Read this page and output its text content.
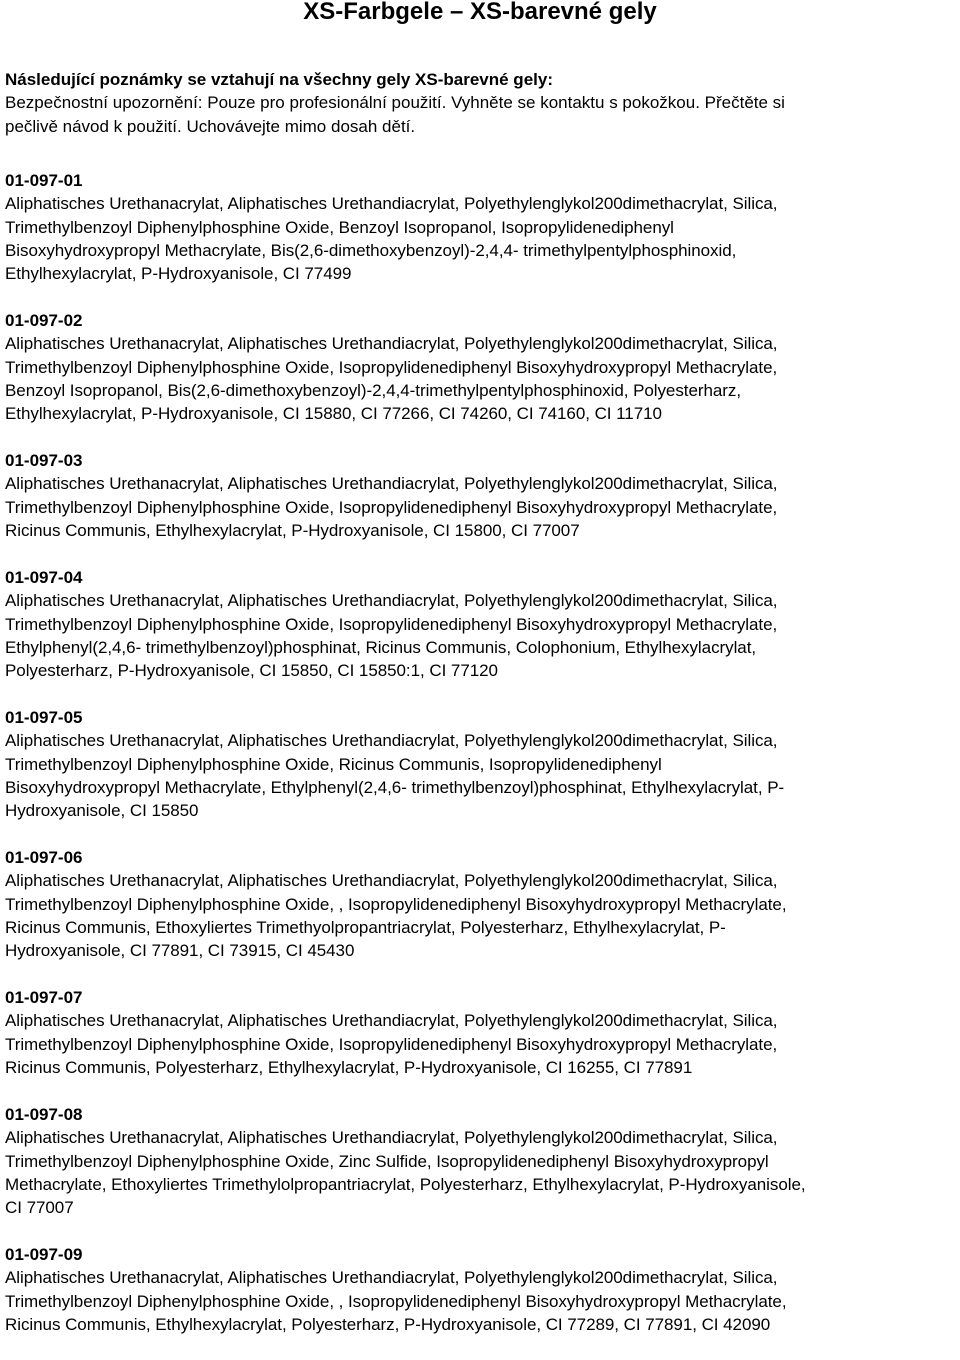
XS-Farbgele – XS-barevné gely
Následující poznámky se vztahují na všechny gely XS-barevné gely:
Bezpečnostní upozornění: Pouze pro profesionální použití. Vyhněte se kontaktu s pokožkou. Přečtěte si
pečlivě návod k použití. Uchovávejte mimo dosah dětí.
01-097-01
Aliphatisches Urethanacrylat, Aliphatisches Urethandiacrylat, Polyethylenglykol200dimethacrylat, Silica,
Trimethylbenzoyl Diphenylphosphine Oxide, Benzoyl Isopropanol, Isopropylidenediphenyl
Bisoxyhydroxypropyl Methacrylate, Bis(2,6-dimethoxybenzoyl)-2,4,4- trimethylpentylphosphinoxid,
Ethylhexylacrylat, P-Hydroxyanisole, CI 77499
01-097-02
Aliphatisches Urethanacrylat, Aliphatisches Urethandiacrylat, Polyethylenglykol200dimethacrylat, Silica,
Trimethylbenzoyl Diphenylphosphine Oxide, Isopropylidenediphenyl Bisoxyhydroxypropyl Methacrylate,
Benzoyl Isopropanol, Bis(2,6-dimethoxybenzoyl)-2,4,4-trimethylpentylphosphinoxid, Polyesterharz,
Ethylhexylacrylat, P-Hydroxyanisole, CI 15880, CI 77266, CI 74260, CI 74160, CI 11710
01-097-03
Aliphatisches Urethanacrylat, Aliphatisches Urethandiacrylat, Polyethylenglykol200dimethacrylat, Silica,
Trimethylbenzoyl Diphenylphosphine Oxide, Isopropylidenediphenyl Bisoxyhydroxypropyl Methacrylate,
Ricinus Communis, Ethylhexylacrylat, P-Hydroxyanisole, CI 15800, CI 77007
01-097-04
Aliphatisches Urethanacrylat, Aliphatisches Urethandiacrylat, Polyethylenglykol200dimethacrylat, Silica,
Trimethylbenzoyl Diphenylphosphine Oxide, Isopropylidenediphenyl Bisoxyhydroxypropyl Methacrylate,
Ethylphenyl(2,4,6- trimethylbenzoyl)phosphinat, Ricinus Communis, Colophonium, Ethylhexylacrylat,
Polyesterharz, P-Hydroxyanisole, CI 15850, CI 15850:1, CI 77120
01-097-05
Aliphatisches Urethanacrylat, Aliphatisches Urethandiacrylat, Polyethylenglykol200dimethacrylat, Silica,
Trimethylbenzoyl Diphenylphosphine Oxide, Ricinus Communis, Isopropylidenediphenyl
Bisoxyhydroxypropyl Methacrylate, Ethylphenyl(2,4,6- trimethylbenzoyl)phosphinat, Ethylhexylacrylat, P-
Hydroxyanisole, CI 15850
01-097-06
Aliphatisches Urethanacrylat, Aliphatisches Urethandiacrylat, Polyethylenglykol200dimethacrylat, Silica,
Trimethylbenzoyl Diphenylphosphine Oxide, , Isopropylidenediphenyl Bisoxyhydroxypropyl Methacrylate,
Ricinus Communis, Ethoxyliertes Trimethyolpropantriacrylat, Polyesterharz, Ethylhexylacrylat, P-
Hydroxyanisole, CI 77891, CI 73915, CI 45430
01-097-07
Aliphatisches Urethanacrylat, Aliphatisches Urethandiacrylat, Polyethylenglykol200dimethacrylat, Silica,
Trimethylbenzoyl Diphenylphosphine Oxide, Isopropylidenediphenyl Bisoxyhydroxypropyl Methacrylate,
Ricinus Communis, Polyesterharz, Ethylhexylacrylat, P-Hydroxyanisole, CI 16255, CI 77891
01-097-08
Aliphatisches Urethanacrylat, Aliphatisches Urethandiacrylat, Polyethylenglykol200dimethacrylat, Silica,
Trimethylbenzoyl Diphenylphosphine Oxide, Zinc Sulfide, Isopropylidenediphenyl Bisoxyhydroxypropyl
Methacrylate, Ethoxyliertes Trimethylolpropantriacrylat, Polyesterharz, Ethylhexylacrylat, P-Hydroxyanisole,
CI 77007
01-097-09
Aliphatisches Urethanacrylat, Aliphatisches Urethandiacrylat, Polyethylenglykol200dimethacrylat, Silica,
Trimethylbenzoyl Diphenylphosphine Oxide, , Isopropylidenediphenyl Bisoxyhydroxypropyl Methacrylate,
Ricinus Communis, Ethylhexylacrylat, Polyesterharz, P-Hydroxyanisole, CI 77289, CI 77891, CI 42090
